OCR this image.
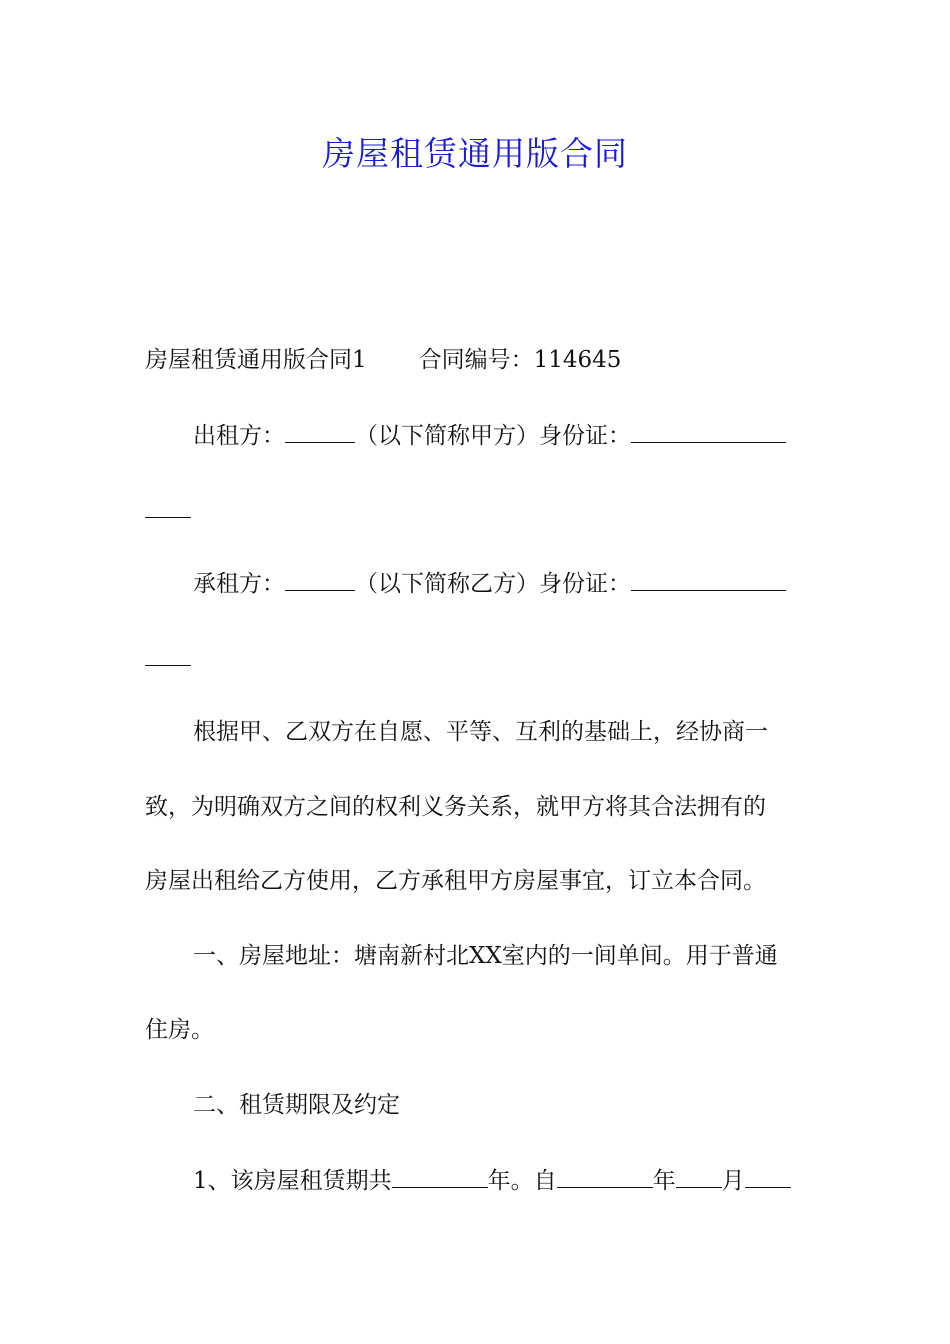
房屋租赁通用版合同

房屋租赁通用版合同1 合同编号：114645

出租方：	（以下简称甲方）身份证：

承租方：	（以下简称乙方）身份证：

根据甲、乙双方在自愿、平等、互利的基础上，经协商一

致，为明确双方之间的权利义务关系，就甲方将其合法拥有的

房屋出租给乙方使用，乙方承租甲方房屋事宜，订立本合同。

一、房屋地址：塘南新村北XX室内的一间单间。用于普通

住房。

二、租赁期限及约定

1、该房屋租赁期共	年。自	年 月
